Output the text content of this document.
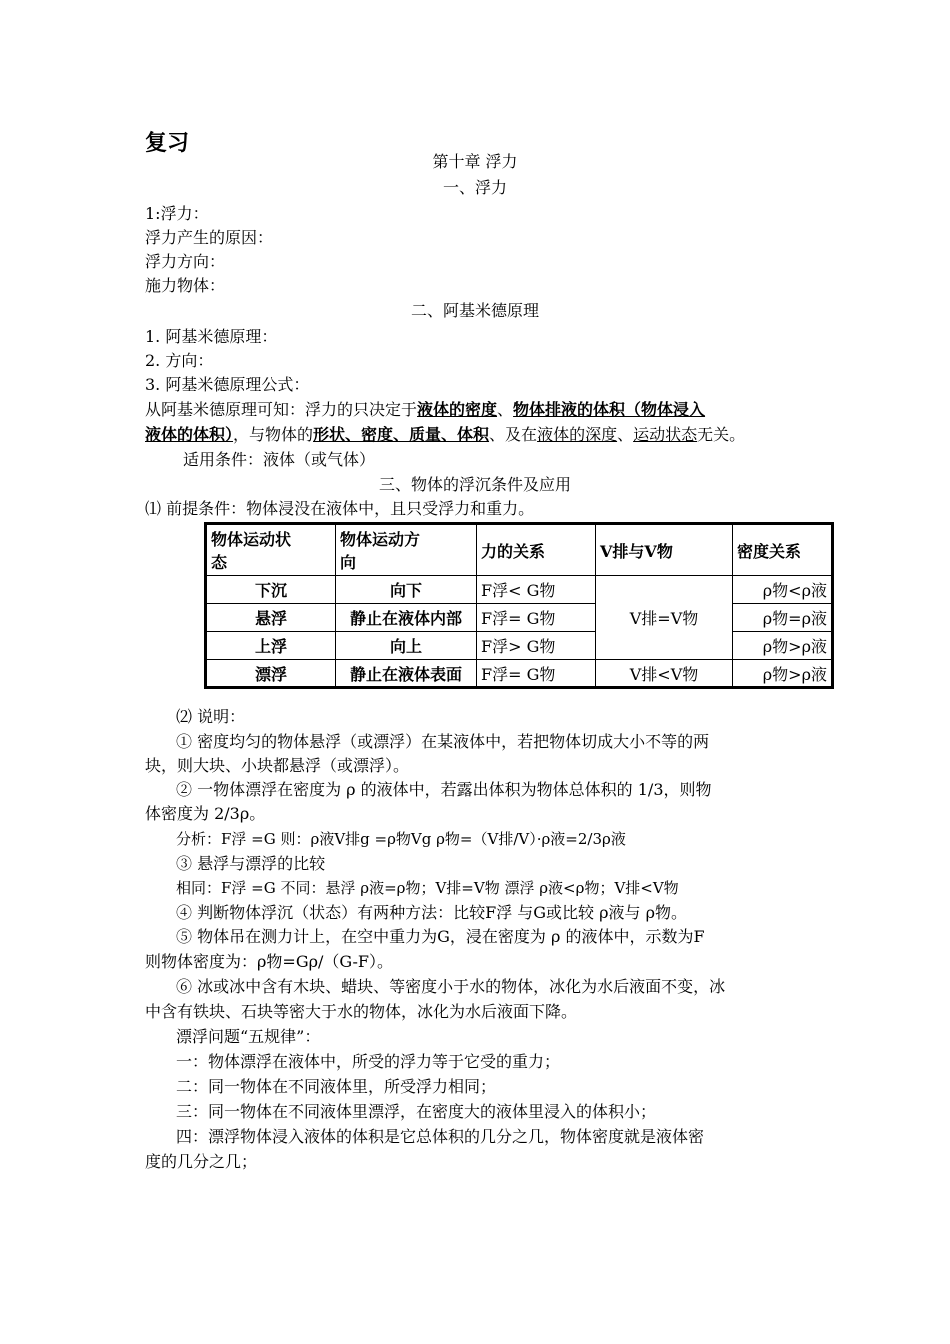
复习
第十章 浮力
一、浮力
1:浮力：
浮力产生的原因：
浮力方向：
施力物体：
二、阿基米德原理
1. 阿基米德原理：
2. 方向：
3. 阿基米德原理公式：
从阿基米德原理可知：浮力的只决定于液体的密度、物体排液的体积（物体浸入
液体的体积），与物体的形状、密度、质量、体积、及在液体的深度、运动状态无关。
适用条件：液体（或气体）
三、物体的浮沉条件及应用
⑴ 前提条件：物体浸没在液体中，且只受浮力和重力。
物体运动状
态	物体运动方
向	力的关系	V排与V物	密度关系
下沉	向下	F浮< G物	V排=V物	ρ物<ρ液
悬浮	静止在液体内部	F浮= G物		ρ物=ρ液
上浮	向上	F浮> G物		ρ物>ρ液
漂浮	静止在液体表面	F浮= G物	V排<V物	ρ物>ρ液
⑵ 说明：
① 密度均匀的物体悬浮（或漂浮）在某液体中，若把物体切成大小不等的两
块，则大块、小块都悬浮（或漂浮）。
② 一物体漂浮在密度为 ρ 的液体中，若露出体积为物体总体积的 1/3，则物
体密度为 2/3ρ。
分析：F浮 =G 则：ρ液V排g =ρ物Vg ρ物=（V排/V）·ρ液=2/3ρ液
③ 悬浮与漂浮的比较
相同：F浮 =G 不同：悬浮 ρ液=ρ物；V排=V物 漂浮 ρ液<ρ物；V排<V物
④ 判断物体浮沉（状态）有两种方法：比较F浮 与G或比较 ρ液与 ρ物。
⑤ 物体吊在测力计上，在空中重力为G，浸在密度为 ρ 的液体中，示数为F
则物体密度为：ρ物=Gρ/（G-F）。
⑥ 冰或冰中含有木块、蜡块、等密度小于水的物体，冰化为水后液面不变，冰
中含有铁块、石块等密大于水的物体，冰化为水后液面下降。
漂浮问题“五规律”：
一：物体漂浮在液体中，所受的浮力等于它受的重力；
二：同一物体在不同液体里，所受浮力相同；
三：同一物体在不同液体里漂浮，在密度大的液体里浸入的体积小；
四：漂浮物体浸入液体的体积是它总体积的几分之几，物体密度就是液体密
度的几分之几；
